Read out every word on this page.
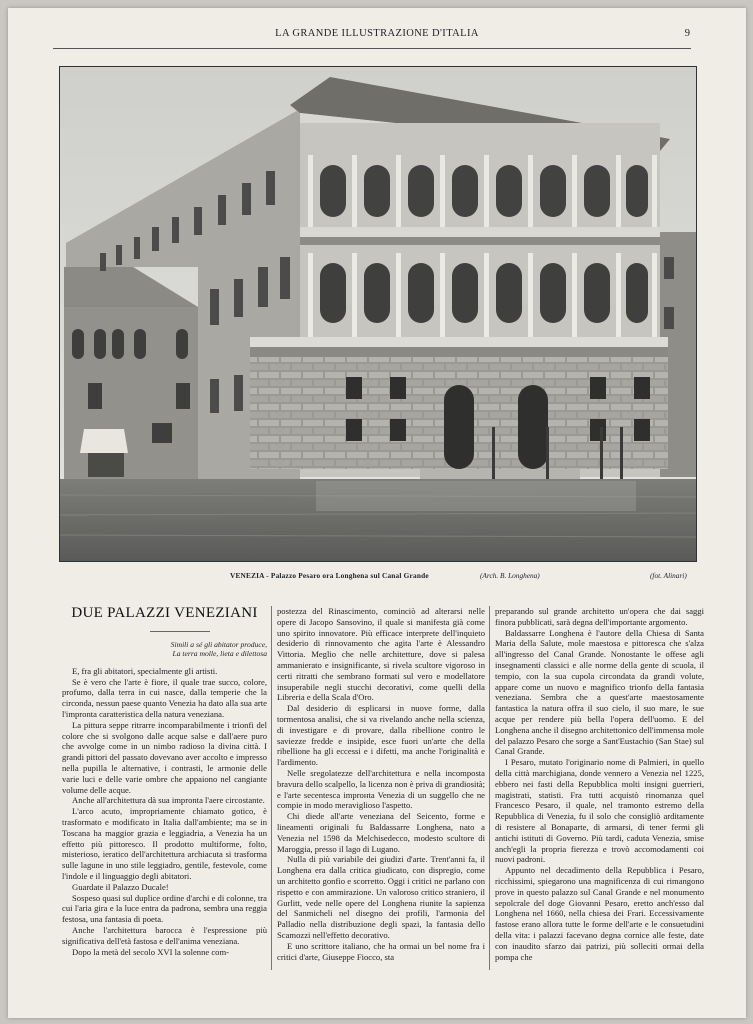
LA GRANDE ILLUSTRAZIONE D'ITALIA	9
VENEZIA - Palazzo Pesaro ora Longhena sul Canal Grande	(Arch. B. Longhena)	(fot. Alinari)
DUE PALAZZI VENEZIANI
Simili a sé gli abitator produce,
La terra molle, lieta e dilettosa

E, fra gli abitatori, specialmente gli artisti.

Se è vero che l'arte è fiore, il quale trae succo, colore, profumo, dalla terra in cui nasce, dalla temperie che la circonda, nessun paese quanto Venezia ha dato alla sua arte l'impronta caratteristica della natura veneziana.

La pittura seppe ritrarre incomparabilmente i trionfi del colore che si svolgono dalle acque salse e dall'aere puro che avvolge come in un nimbo radioso la divina città. I grandi pittori del passato dovevano aver accolto e impresso nella pupilla le alternative, i contrasti, le armonie delle varie luci e delle varie ombre che appaiono nel cangiante volume delle acque.

Anche all'architettura dà sua impronta l'aere circostante.

L'arco acuto, impropriamente chiamato gotico, è trasformato e modificato in Italia dall'ambiente; ma se in Toscana ha maggior grazia e leggiadria, a Venezia ha un effetto più pittoresco. Il prodotto multiforme, folto, misterioso, ieratico dell'architettura archiacuta si trasforma sulle lagune in uno stile leggiadro, gentile, festevole, come l'indole e il linguaggio degli abitatori.

Guardate il Palazzo Ducale!

Sospeso quasi sul duplice ordine d'archi e di colonne, tra cui l'aria gira e la luce entra da padrona, sembra una reggia festosa, una fantasia di poeta.

Anche l'architettura barocca è l'espressione più significativa dell'età fastosa e dell'anima veneziana.

Dopo la metà del secolo XVI la solenne com-

postezza del Rinascimento, cominciò ad alterarsi nelle opere di Jacopo Sansovino, il quale si manifesta già come uno spirito innovatore. Più efficace interprete dell'inquieto desiderio di rinnovamento che agita l'arte è Alessandro Vittoria. Meglio che nelle architetture, dove si palesa ammanierato e insignificante, si rivela scultore vigoroso in certi ritratti che sembrano formati sul vero e modellatore insuperabile negli stucchi decorativi, come quelli della Libreria e della Scala d'Oro.

Dal desiderio di esplicarsi in nuove forme, dalla tormentosa analisi, che si va rivelando anche nella scienza, di investigare e di provare, dalla ribellione contro le saviezze fredde e insipide, esce fuori un'arte che della ribellione ha gli eccessi e i difetti, ma anche l'originalità e l'ardimento.

Nelle sregolatezze dell'architettura e nella incomposta bravura dello scalpello, la licenza non è priva di grandiosità; e l'arte secentesca imprонta Venezia di un suggello che ne compie in modo meraviglioso l'aspetto.

Chi diede all'arte veneziana del Seicento, forme e lineamenti originali fu Baldassarre Longhena, nato a Venezia nel 1598 da Melchisedecco, modesto scultore di Maroggia, presso il lago di Lugano.

Nulla di più variabile dei giudizi d'arte. Trent'anni fa, il Longhena era dalla critica giudicato, con dispregio, come un architetto gonfio e scorretto. Oggi i critici ne parlano con rispetto e con ammirazione. Un valoroso critico straniero, il Gurlitt, vede nelle opere del Longhena riunite la sapienza del Sanmicheli nel disegno dei profili, l'armonia del Palladio nella distribuzione degli spazi, la fantasia dello Scamozzi nell'effetto decorativo.

E uno scrittore italiano, che ha ormai un bel nome fra i critici d'arte, Giuseppe Fiocco, sta

preparando sul grande architetto un'opera che dai saggi finora pubblicati, sarà degna dell'importante argomento.

Baldassarre Longhena è l'autore della Chiesa di Santa Maria della Salute, mole maestosa e pittoresca che s'alza all'ingresso del Canal Grande. Nonostante le offese agli insegnamenti classici e alle norme della gente di scuola, il tempio, con la sua cupola circondata da grandi volute, appare come un nuovo e magnifico trionfo della fantasia veneziana. Sembra che a quest'arte maestosamente fantastica la natura offra il suo cielo, il suo mare, le sue acque per rendere più bella l'opera dell'uomo. E del Longhena anche il disegno architettonico dell'immensa mole del palazzo Pesaro che sorge a Sant'Eustachio (San Stae) sul Canal Grande.

I Pesaro, mutato l'originario nome di Palmieri, in quello della città marchigiana, donde vennero a Venezia nel 1225, ebbero nei fasti della Repubblica molti insigni guerrieri, magistrati, statisti. Fra tutti acquistò rinomanza quel Francesco Pesaro, il quale, nel tramonto estremo della Repubblica di Venezia, fu il solo che consigliò arditamente di resistere al Bonaparte, di armarsi, di tener fermi gli antichi istituti di Governo. Più tardi, caduta Venezia, smise anch'egli la propria fierezza e trovò accomodamenti coi nuovi padroni.

Appunto nel decadimento della Repubblica i Pesaro, ricchissimi, spiegarono una magnificenza di cui rimangono prove in questo palazzo sul Canal Grande e nel monumento sepolcrale del doge Giovanni Pesaro, eretto anch'esso dal Longhena nel 1660, nella chiesa dei Frari. Eccessivamente fastose erano allora tutte le forme dell'arte e le consuetudini della vita: i palazzi facevano degna cornice alle feste, date con inaudito sfarzo dai patrizi, più solleciti ormai della pompa che
